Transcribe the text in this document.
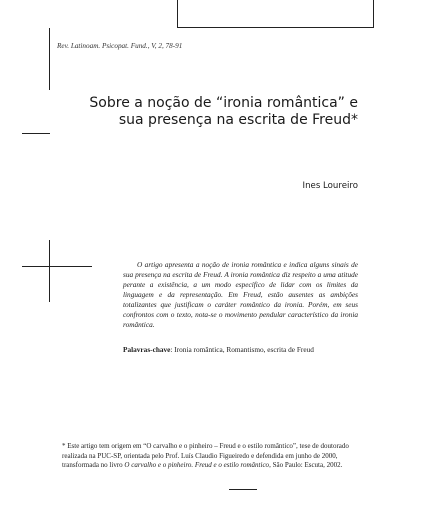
Rev. Latinoam. Psicopat. Fund., V, 2, 78-91
Sobre a noção de “ironia romântica” e
sua presença na escrita de Freud*
Ines Loureiro

O artigo apresenta a noção de ironia romântica e indica alguns sinais de sua presença na escrita de Freud. A ironia romântica diz respeito a uma atitude perante a existência, a um modo específico de lidar com os limites da linguagem e da representação. Em Freud, estão ausentes as ambições totalizantes que justificam o caráter romântico da ironia. Porém, em seus confrontos com o texto, nota-se o movimento pendular característico da ironia romântica.

Palavras-chave: Ironia romântica, Romantismo, escrita de Freud

* Este artigo tem origem em “O carvalho e o pinheiro – Freud e o estilo romântico”, tese de doutorado realizada na PUC-SP, orientada pelo Prof. Luís Claudio Figueiredo e defendida em junho de 2000, transformada no livro O carvalho e o pinheiro. Freud e o estilo romântico, São Paulo: Escuta, 2002.
